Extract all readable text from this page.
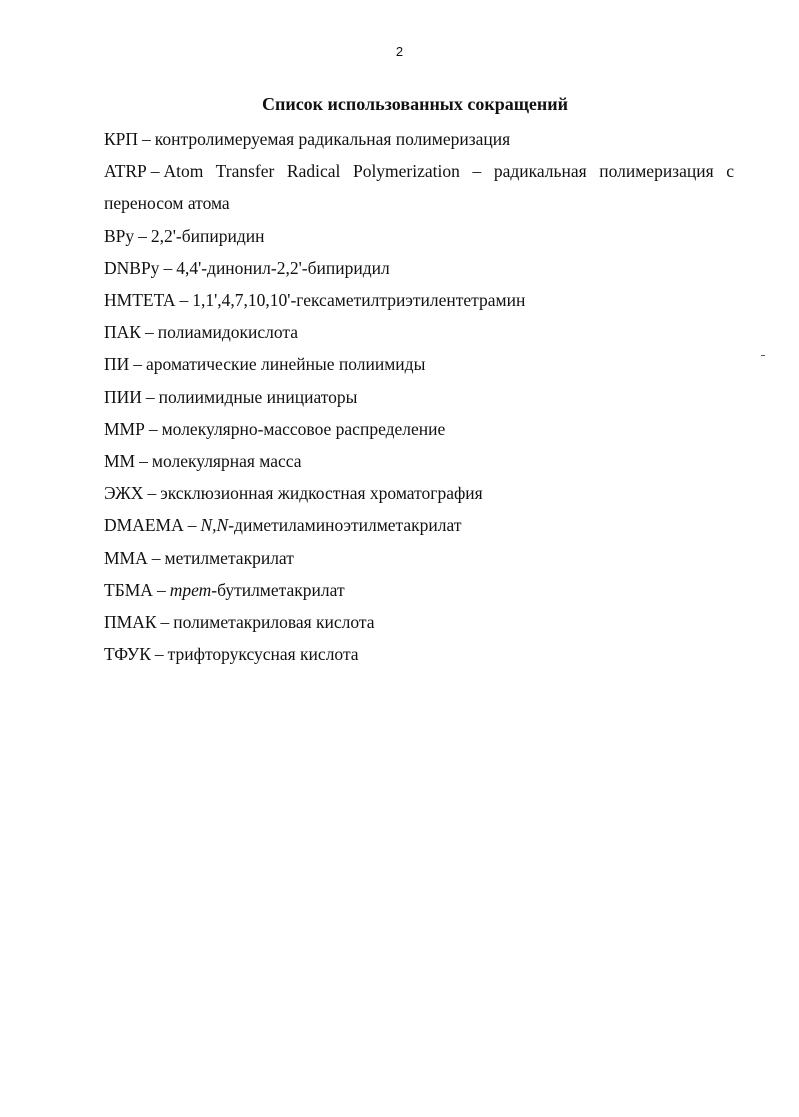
2
Список использованных сокращений
КРП – контролимеруемая радикальная полимеризация
ATRP – Atom Transfer Radical Polymerization – радикальная полимеризация с переносом атома
BPy – 2,2'-бипиридин
DNBPy – 4,4'-динонил-2,2'-бипиридил
HMTETA – 1,1',4,7,10,10'-гексаметилтриэтилентетрамин
ПАК – полиамидокислота
ПИ – ароматические линейные полиимиды
ПИИ – полиимидные инициаторы
ММР – молекулярно-массовое распределение
ММ – молекулярная масса
ЭЖХ – эксклюзионная жидкостная хроматография
DMAEMA – N,N-диметиламиноэтилметакрилат
ММА – метилметакрилат
ТБМА – трет-бутилметакрилат
ПМАК – полиметакриловая кислота
ТФУК – трифторуксусная кислота
